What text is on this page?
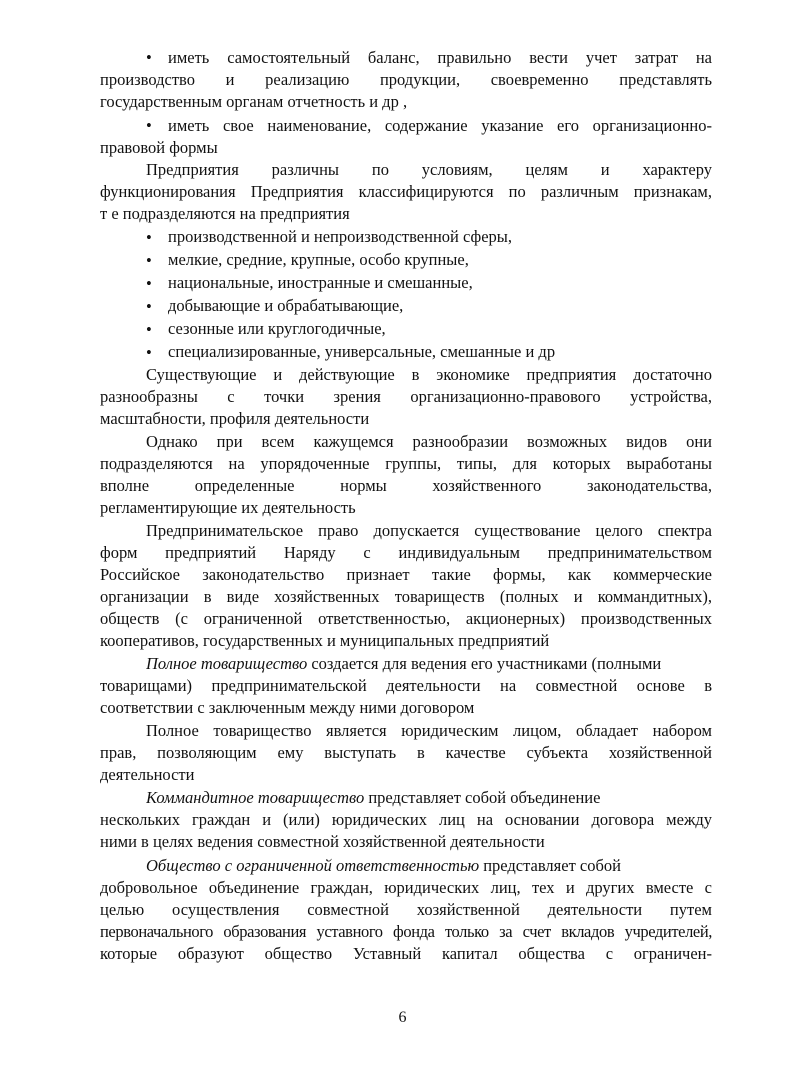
• иметь самостоятельный баланс, правильно вести учет затрат на
производство и реализацию продукции, своевременно представлять
государственным органам отчетность и др ,
• иметь свое наименование, содержание указание его организационно-
правовой формы
Предприятия различны по условиям, целям и характеру
функционирования Предприятия классифицируются по различным признакам,
т е подразделяются на предприятия
• производственной и непроизводственной сферы,
• мелкие, средние, крупные, особо крупные,
• национальные, иностранные и смешанные,
• добывающие и обрабатывающие,
• сезонные или круглогодичные,
• специализированные, универсальные, смешанные и др
Существующие и действующие в экономике предприятия достаточно
разнообразны с точки зрения организационно-правового устройства,
масштабности, профиля деятельности
Однако при всем кажущемся разнообразии возможных видов они
подразделяются на упорядоченные группы, типы, для которых выработаны
вполне определенные нормы хозяйственного законодательства,
регламентирующие их деятельность
Предпринимательское право допускается существование целого спектра
форм предприятий Наряду с индивидуальным предпринимательством
Российское законодательство признает такие формы, как коммерческие
организации в виде хозяйственных товариществ (полных и коммандитных),
обществ (с ограниченной ответственностью, акционерных) производственных
кооперативов, государственных и муниципальных предприятий
Полное товарищество создается для ведения его участниками (полными
товарищами) предпринимательской деятельности на совместной основе в
соответствии с заключенным между ними договором
Полное товарищество является юридическим лицом, обладает набором
прав, позволяющим ему выступать в качестве субъекта хозяйственной
деятельности
Коммандитное товарищество представляет собой объединение
нескольких граждан и (или) юридических лиц на основании договора между
ними в целях ведения совместной хозяйственной деятельности
Общество с ограниченной ответственностью представляет собой
добровольное объединение граждан, юридических лиц, тех и других вместе с
целью осуществления совместной хозяйственной деятельности путем
первоначального образования уставного фонда только за счет вкладов учредителей,
которые образуют общество Уставный капитал общества с ограничен-
6
